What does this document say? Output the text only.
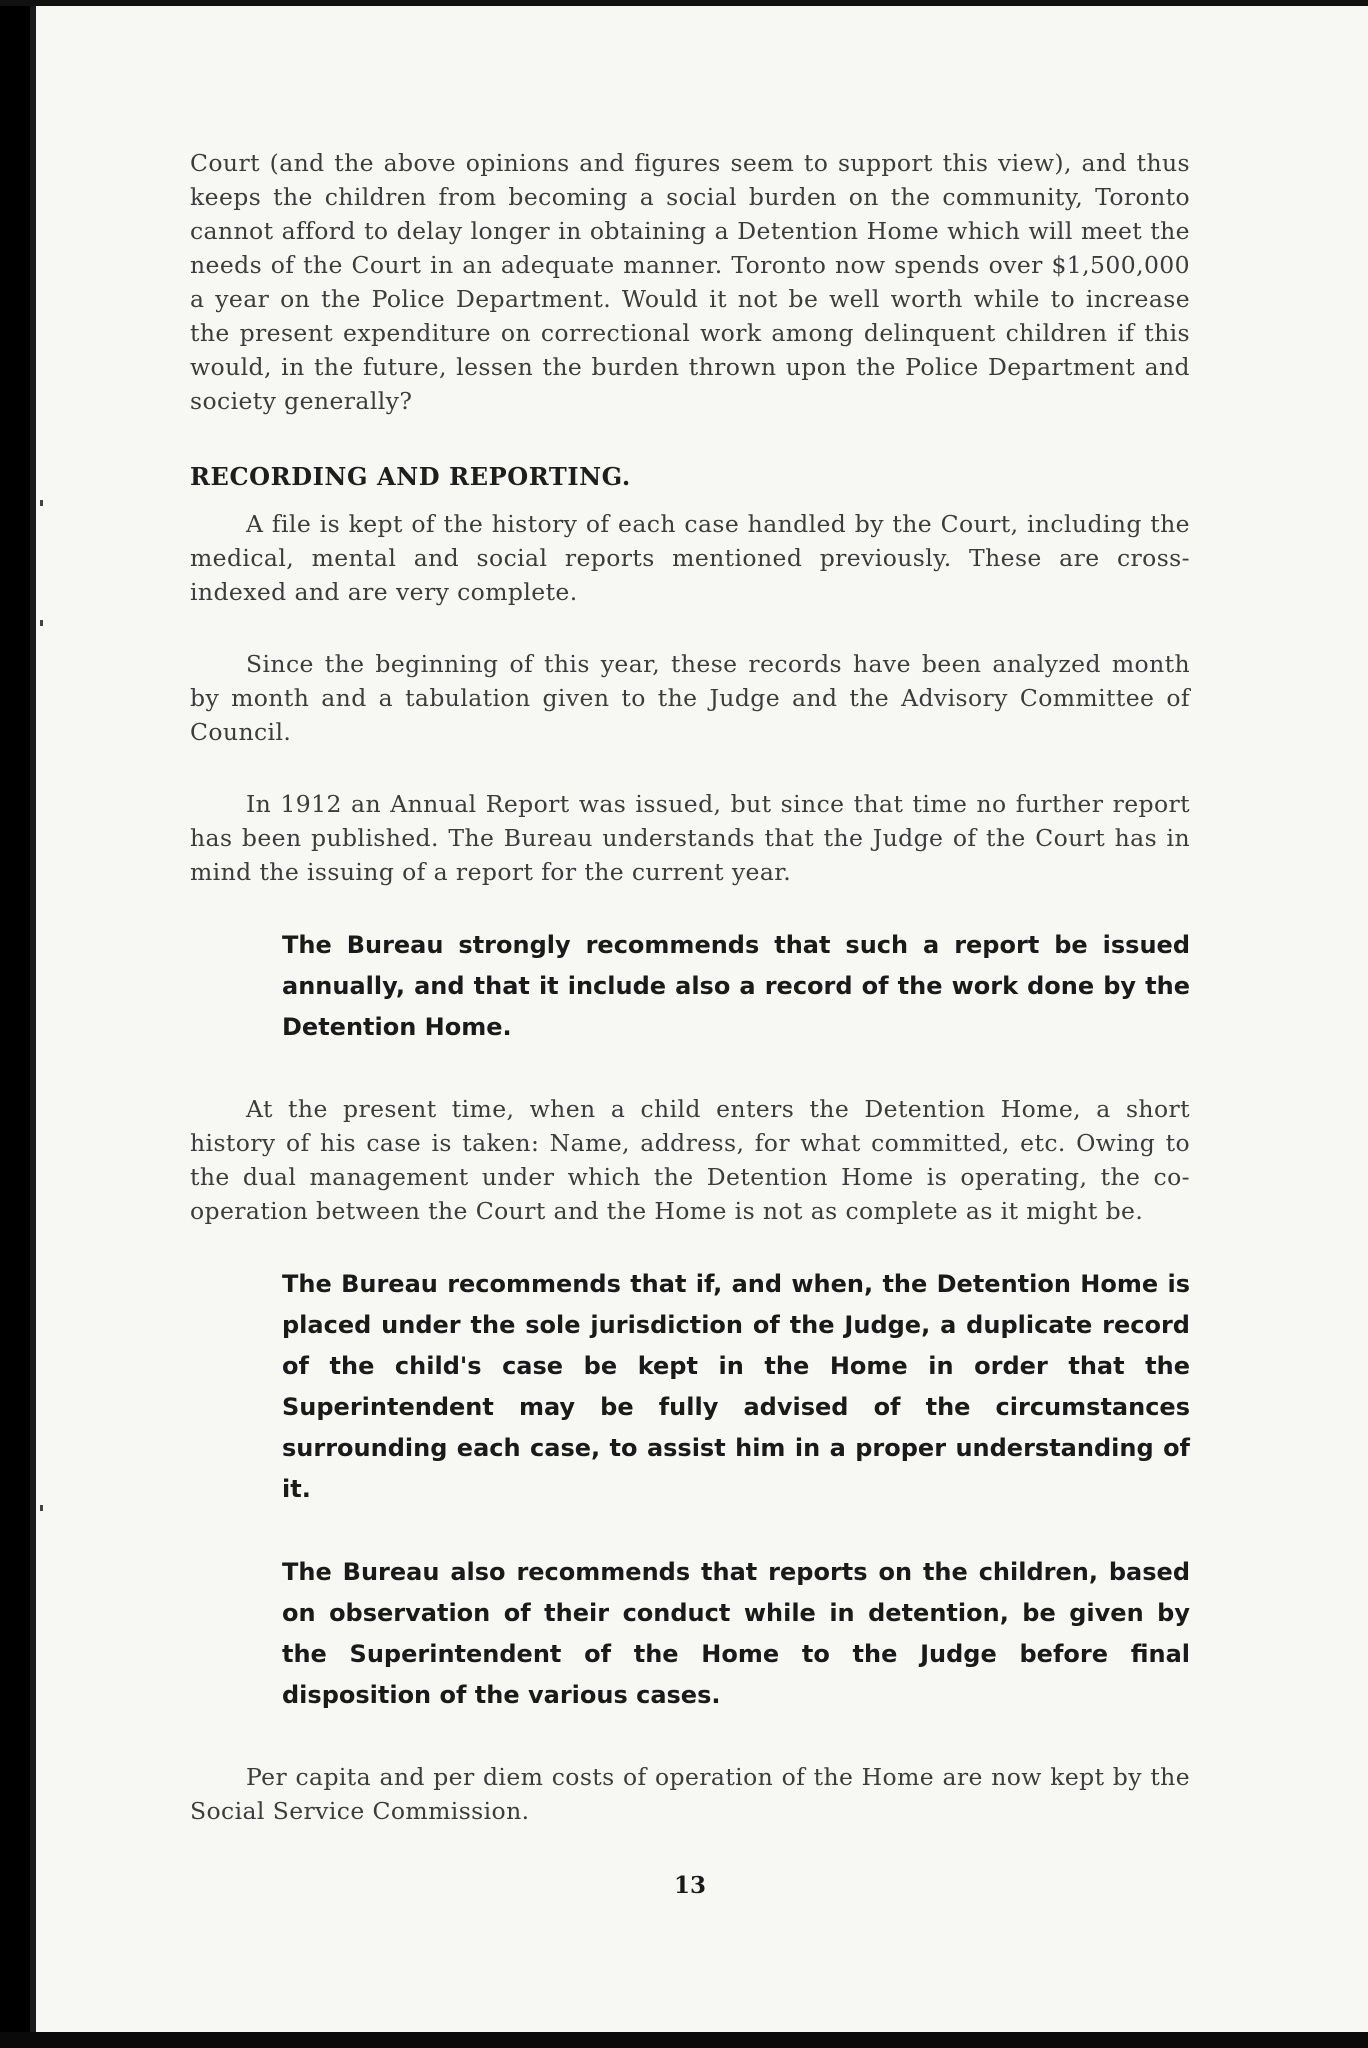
Court (and the above opinions and figures seem to support this view), and thus keeps the children from becoming a social burden on the community, Toronto cannot afford to delay longer in obtaining a Detention Home which will meet the needs of the Court in an adequate manner. Toronto now spends over $1,500,000 a year on the Police Department. Would it not be well worth while to increase the present expenditure on correctional work among delinquent children if this would, in the future, lessen the burden thrown upon the Police Department and society generally?

RECORDING AND REPORTING.

A file is kept of the history of each case handled by the Court, including the medical, mental and social reports mentioned previously. These are cross-indexed and are very complete.

Since the beginning of this year, these records have been analyzed month by month and a tabulation given to the Judge and the Advisory Committee of Council.

In 1912 an Annual Report was issued, but since that time no further report has been published. The Bureau understands that the Judge of the Court has in mind the issuing of a report for the current year.

The Bureau strongly recommends that such a report be issued annually, and that it include also a record of the work done by the Detention Home.

At the present time, when a child enters the Detention Home, a short history of his case is taken: Name, address, for what committed, etc. Owing to the dual management under which the Detention Home is operating, the co-operation between the Court and the Home is not as complete as it might be.

The Bureau recommends that if, and when, the Detention Home is placed under the sole jurisdiction of the Judge, a duplicate record of the child's case be kept in the Home in order that the Superintendent may be fully advised of the circumstances surrounding each case, to assist him in a proper understanding of it.

The Bureau also recommends that reports on the children, based on observation of their conduct while in detention, be given by the Superintendent of the Home to the Judge before final disposition of the various cases.

Per capita and per diem costs of operation of the Home are now kept by the Social Service Commission.

13
